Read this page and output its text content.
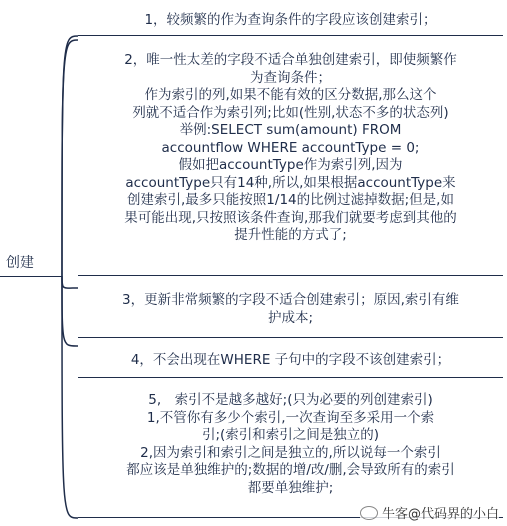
创建

1，较频繁的作为查询条件的字段应该创建索引；

2，唯一性太差的字段不适合单独创建索引，即使频繁作

为查询条件；

作为索引的列,如果不能有效的区分数据,那么这个

列就不适合作为索引列;比如(性别,状态不多的状态列)

举例:SELECT sum(amount) FROM

accountflow WHERE accountType = 0;

假如把accountType作为索引列,因为

accountType只有14种,所以,如果根据accountType来

创建索引,最多只能按照1/14的比例过滤掉数据;但是,如

果可能出现,只按照该条件查询,那我们就要考虑到其他的

提升性能的方式了;

3，更新非常频繁的字段不适合创建索引；原因,索引有维

护成本;

4，不会出现在WHERE 子句中的字段不该创建索引；

5,　索引不是越多越好;(只为必要的列创建索引)

1,不管你有多少个索引,一次查询至多采用一个索

引;(索引和索引之间是独立的)

2,因为索引和索引之间是独立的,所以说每一个索引

都应该是单独维护的;数据的增/改/删,会导致所有的索引

都要单独维护;

牛客@代码界的小白
